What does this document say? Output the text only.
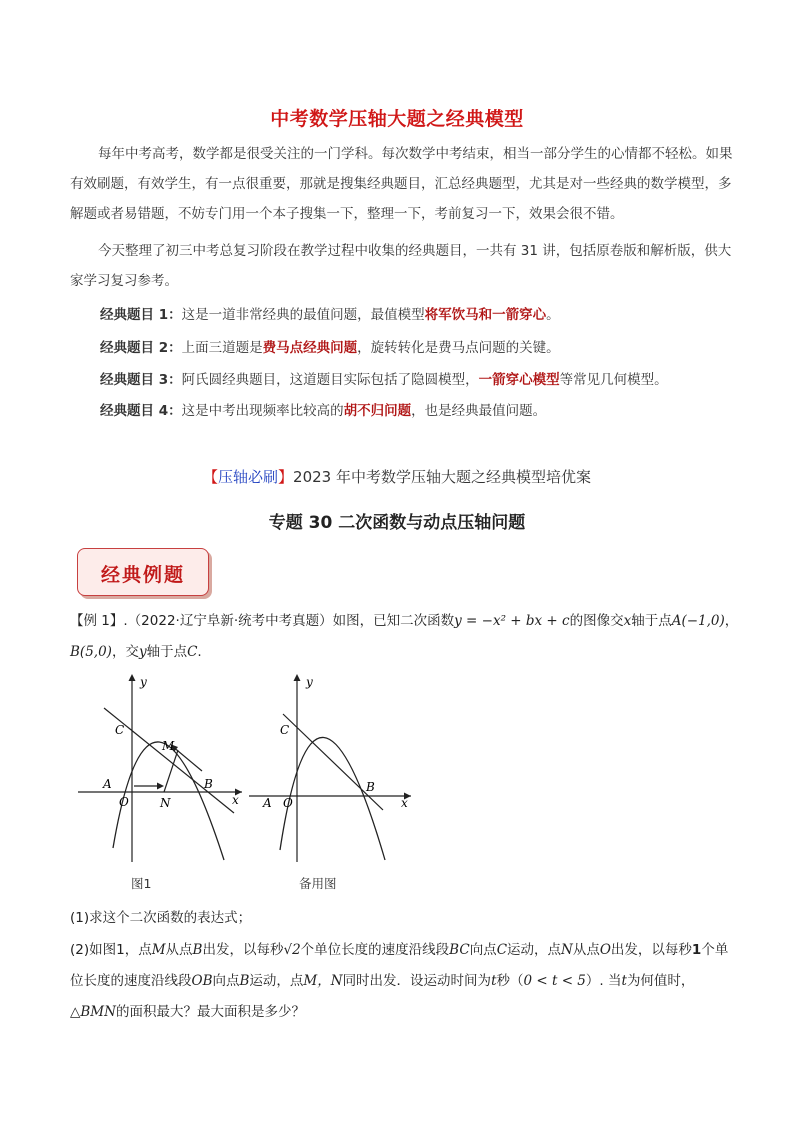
中考数学压轴大题之经典模型
每年中考高考，数学都是很受关注的一门学科。每次数学中考结束，相当一部分学生的心情都不轻松。如果有效刷题，有效学生，有一点很重要，那就是搜集经典题目，汇总经典题型，尤其是对一些经典的数学模型，多解题或者易错题，不妨专门用一个本子搜集一下，整理一下，考前复习一下，效果会很不错。
今天整理了初三中考总复习阶段在教学过程中收集的经典题目，一共有 31 讲，包括原卷版和解析版，供大家学习复习参考。
经典题目 1：这是一道非常经典的最值问题，最值模型将军饮马和一箭穿心。
经典题目 2：上面三道题是费马点经典问题，旋转转化是费马点问题的关键。
经典题目 3：阿氏圆经典题目，这道题目实际包括了隐圆模型，一箭穿心模型等常见几何模型。
经典题目 4：这是中考出现频率比较高的胡不归问题，也是经典最值问题。
【压轴必刷】2023 年中考数学压轴大题之经典模型培优案
专题 30 二次函数与动点压轴问题
经典例题
【例 1】.（2022·辽宁阜新·统考中考真题）如图，已知二次函数y = −x² + bx + c的图像交x轴于点A(−1,0)，
B(5,0)，交y轴于点C.
y
x
C
M
A
O	N
B
图1
y
x
C
A O
B
备用图
(1)求这个二次函数的表达式；
(2)如图1，点M从点B出发，以每秒√2个单位长度的速度沿线段BC向点C运动，点N从点O出发，以每秒1个单位长度的速度沿线段OB向点B运动，点M，N同时出发．设运动时间为t秒（0 < t < 5）. 当t为何值时，△BMN的面积最大？最大面积是多少？
